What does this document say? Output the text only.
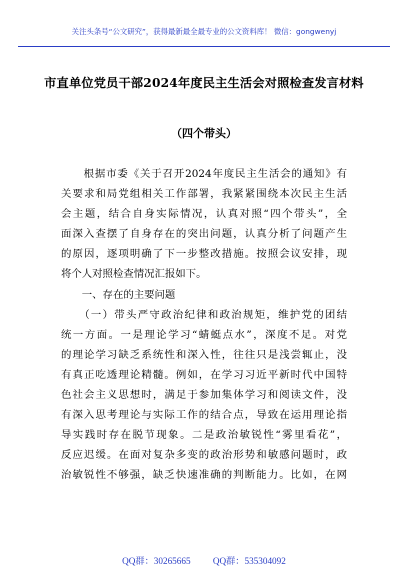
关注头条号“公文研究”，获得最新最全最专业的公文资料库！ 微信：gongwenyj
市直单位党员干部2024年度民主生活会对照检查发言材料
（四个带头）
　　根据市委《关于召开2024年度民主生活会的通知》有
关要求和局党组相关工作部署，我紧紧围绕本次民主生活
会主题，结合自身实际情况，认真对照“四个带头”，全
面深入查摆了自身存在的突出问题，认真分析了问题产生
的原因，逐项明确了下一步整改措施。按照会议安排，现
将个人对照检查情况汇报如下。
　　一、存在的主要问题
　　（一）带头严守政治纪律和政治规矩，维护党的团结
统一方面。一是理论学习“蜻蜓点水”，深度不足。对党
的理论学习缺乏系统性和深入性，往往只是浅尝辄止，没
有真正吃透理论精髓。例如，在学习习近平新时代中国特
色社会主义思想时，满足于参加集体学习和阅读文件，没
有深入思考理论与实际工作的结合点，导致在运用理论指
导实践时存在脱节现象。二是政治敏锐性“雾里看花”，
反应迟缓。在面对复杂多变的政治形势和敏感问题时，政
治敏锐性不够强，缺乏快速准确的判断能力。比如，在网
QQ群：30265665 QQ群：535304092
